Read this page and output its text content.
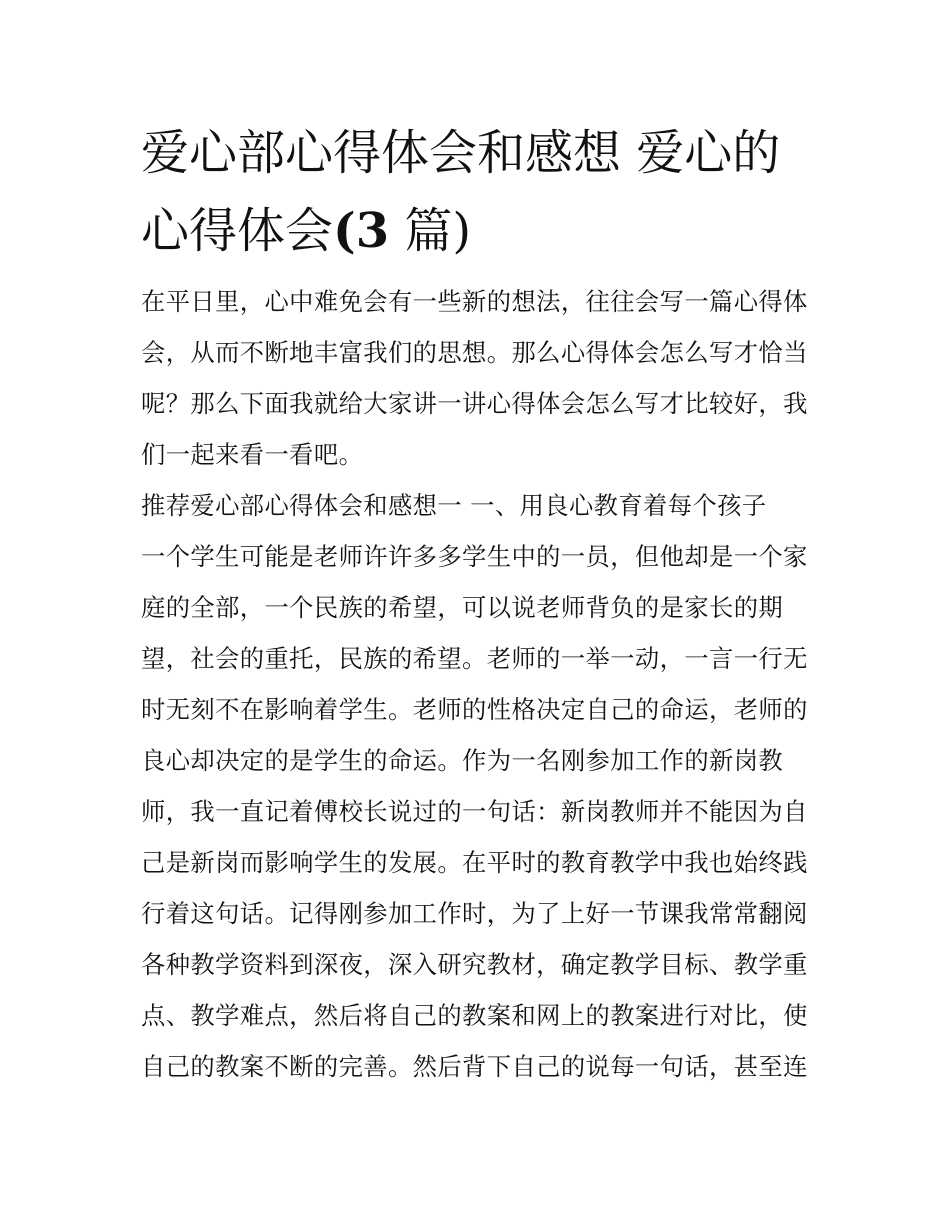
爱心部心得体会和感想 爱心的心得体会(3 篇)
在平日里，心中难免会有一些新的想法，往往会写一篇心得体
会，从而不断地丰富我们的思想。那么心得体会怎么写才恰当
呢？那么下面我就给大家讲一讲心得体会怎么写才比较好，我
们一起来看一看吧。
推荐爱心部心得体会和感想一 一、用良心教育着每个孩子
一个学生可能是老师许许多多学生中的一员，但他却是一个家
庭的全部，一个民族的希望，可以说老师背负的是家长的期
望，社会的重托，民族的希望。老师的一举一动，一言一行无
时无刻不在影响着学生。老师的性格决定自己的命运，老师的
良心却决定的是学生的命运。作为一名刚参加工作的新岗教
师，我一直记着傅校长说过的一句话：新岗教师并不能因为自
己是新岗而影响学生的发展。在平时的教育教学中我也始终践
行着这句话。记得刚参加工作时，为了上好一节课我常常翻阅
各种教学资料到深夜，深入研究教材，确定教学目标、教学重
点、教学难点，然后将自己的教案和网上的教案进行对比，使
自己的教案不断的完善。然后背下自己的说每一句话，甚至连
